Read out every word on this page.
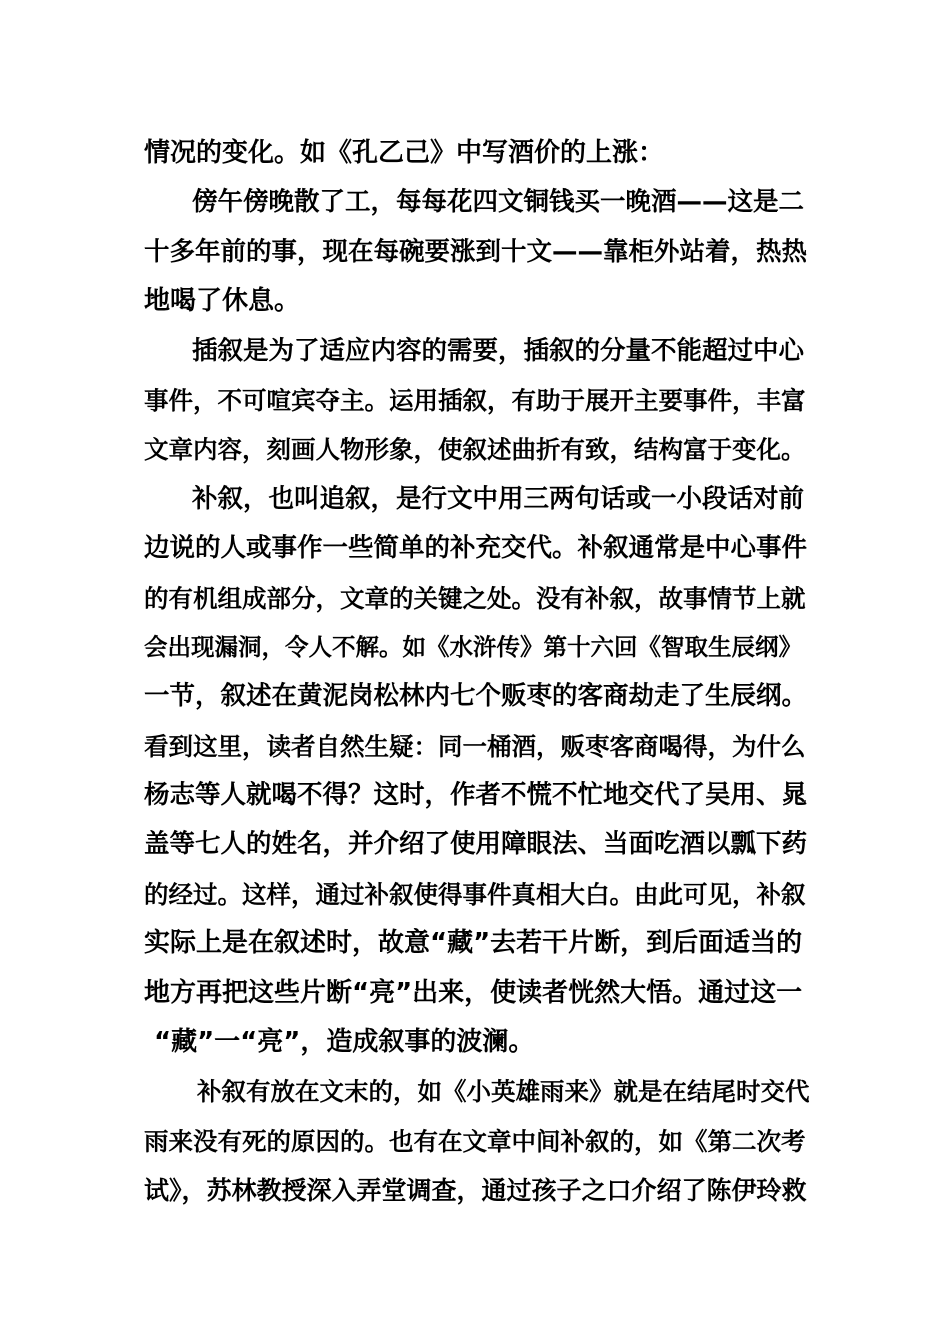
情况的变化。如《孔乙己》中写酒价的上涨：
傍午傍晚散了工，每每花四文铜钱买一晚酒——这是二
十多年前的事，现在每碗要涨到十文——靠柜外站着，热热
地喝了休息。
插叙是为了适应内容的需要，插叙的分量不能超过中心
事件，不可喧宾夺主。运用插叙，有助于展开主要事件，丰富
文章内容，刻画人物形象，使叙述曲折有致，结构富于变化。
补叙，也叫追叙，是行文中用三两句话或一小段话对前
边说的人或事作一些简单的补充交代。补叙通常是中心事件
的有机组成部分，文章的关键之处。没有补叙，故事情节上就
会出现漏洞，令人不解。如《水浒传》第十六回《智取生辰纲》
一节，叙述在黄泥岗松林内七个贩枣的客商劫走了生辰纲。
看到这里，读者自然生疑：同一桶酒，贩枣客商喝得，为什么
杨志等人就喝不得？这时，作者不慌不忙地交代了吴用、晁
盖等七人的姓名，并介绍了使用障眼法、当面吃酒以瓢下药
的经过。这样，通过补叙使得事件真相大白。由此可见，补叙
实际上是在叙述时，故意“藏”去若干片断，到后面适当的
地方再把这些片断“亮”出来，使读者恍然大悟。通过这一
“藏”一“亮”，造成叙事的波澜。
补叙有放在文末的，如《小英雄雨来》就是在结尾时交代
雨来没有死的原因的。也有在文章中间补叙的，如《第二次考
试》，苏林教授深入弄堂调查，通过孩子之口介绍了陈伊玲救
